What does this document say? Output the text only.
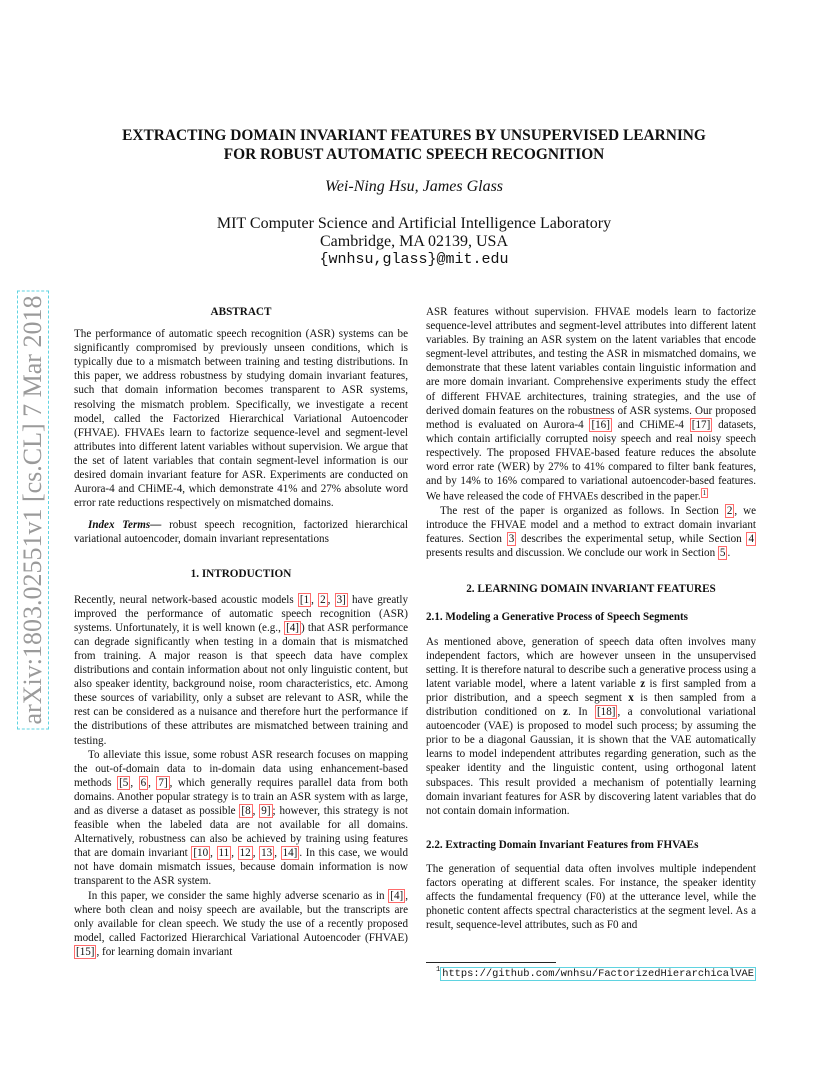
arXiv:1803.02551v1 [cs.CL] 7 Mar 2018
EXTRACTING DOMAIN INVARIANT FEATURES BY UNSUPERVISED LEARNING
FOR ROBUST AUTOMATIC SPEECH RECOGNITION
Wei-Ning Hsu, James Glass
MIT Computer Science and Artificial Intelligence Laboratory
Cambridge, MA 02139, USA
{wnhsu,glass}@mit.edu
ABSTRACT

The performance of automatic speech recognition (ASR) systems can be significantly compromised by previously unseen conditions, which is typically due to a mismatch between training and testing distributions. In this paper, we address robustness by studying domain invariant features, such that domain information becomes transparent to ASR systems, resolving the mismatch problem. Specifically, we investigate a recent model, called the Factorized Hierarchical Variational Autoencoder (FHVAE). FHVAEs learn to factorize sequence-level and segment-level attributes into different latent variables without supervision. We argue that the set of latent variables that contain segment-level information is our desired domain invariant feature for ASR. Experiments are conducted on Aurora-4 and CHiME-4, which demonstrate 41% and 27% absolute word error rate reductions respectively on mismatched domains.

Index Terms— robust speech recognition, factorized hierarchical variational autoencoder, domain invariant representations

1. INTRODUCTION

Recently, neural network-based acoustic models [1 , 2 , 3] have greatly improved the performance of automatic speech recognition (ASR) systems. Unfortunately, it is well known (e.g., [4] ) that ASR performance can degrade significantly when testing in a domain that is mismatched from training. A major reason is that speech data have complex distributions and contain information about not only linguistic content, but also speaker identity, background noise, room characteristics, etc. Among these sources of variability, only a subset are relevant to ASR, while the rest can be considered as a nuisance and therefore hurt the performance if the distributions of these attributes are mismatched between training and testing.

To alleviate this issue, some robust ASR research focuses on mapping the out-of-domain data to in-domain data using enhancement-based methods [5 , 6 , 7] , which generally requires parallel data from both domains. Another popular strategy is to train an ASR system with as large, and as diverse a dataset as possible [8 , 9] ; however, this strategy is not feasible when the labeled data are not available for all domains. Alternatively, robustness can also be achieved by training using features that are domain invariant [10 , 11 , 12 , 13 , 14] . In this case, we would not have domain mismatch issues, because domain information is now transparent to the ASR system.

In this paper, we consider the same highly adverse scenario as in [4] , where both clean and noisy speech are available, but the transcripts are only available for clean speech. We study the use of a recently proposed model, called Factorized Hierarchical Variational Autoencoder (FHVAE) [15] , for learning domain invariant

ASR features without supervision. FHVAE models learn to factorize sequence-level attributes and segment-level attributes into different latent variables. By training an ASR system on the latent variables that encode segment-level attributes, and testing the ASR in mismatched domains, we demonstrate that these latent variables contain linguistic information and are more domain invariant. Comprehensive experiments study the effect of different FHVAE architectures, training strategies, and the use of derived domain features on the robustness of ASR systems. Our proposed method is evaluated on Aurora-4 [16] and CHiME-4 [17] datasets, which contain artificially corrupted noisy speech and real noisy speech respectively. The proposed FHVAE-based feature reduces the absolute word error rate (WER) by 27% to 41% compared to filter bank features, and by 14% to 16% compared to variational autoencoder-based features. We have released the code of FHVAEs described in the paper. $^1$

The rest of the paper is organized as follows. In Section 2 , we introduce the FHVAE model and a method to extract domain invariant features. Section 3 describes the experimental setup, while Section 4 presents results and discussion. We conclude our work in Section 5 .

2. LEARNING DOMAIN INVARIANT FEATURES
2.1. Modeling a Generative Process of Speech Segments

As mentioned above, generation of speech data often involves many independent factors, which are however unseen in the unsupervised setting. It is therefore natural to describe such a generative process using a latent variable model, where a latent variable z is first sampled from a prior distribution, and a speech segment x is then sampled from a distribution conditioned on z. In [18] , a convolutional variational autoencoder (VAE) is proposed to model such process; by assuming the prior to be a diagonal Gaussian, it is shown that the VAE automatically learns to model independent attributes regarding generation, such as the speaker identity and the linguistic content, using orthogonal latent subspaces. This result provided a mechanism of potentially learning domain invariant features for ASR by discovering latent variables that do not contain domain information.

2.2. Extracting Domain Invariant Features from FHVAEs

The generation of sequential data often involves multiple independent factors operating at different scales. For instance, the speaker identity affects the fundamental frequency (F0) at the utterance level, while the phonetic content affects spectral characteristics at the segment level. As a result, sequence-level attributes, such as F0 and

$^1$ https://github.com/wnhsu/FactorizedHierarchicalVAE
